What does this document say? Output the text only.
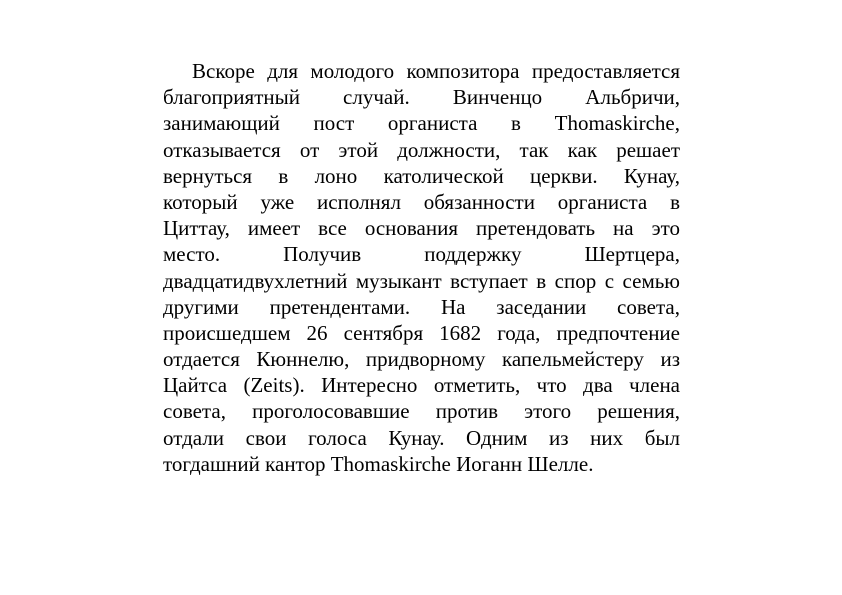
Вскоре для молодого композитора предоставляется
благоприятный случай. Винченцо Альбричи,
занимающий пост органиста в Thomaskirche,
отказывается от этой должности, так как решает
вернуться в лоно католической церкви. Кунау,
который уже исполнял обязанности органиста в
Циттау, имеет все основания претендовать на это
место. Получив поддержку Шертцера,
двадцатидвухлетний музыкант вступает в спор с семью
другими претендентами. На заседании совета,
происшедшем 26 сентября 1682 года, предпочтение
отдается Кюннелю, придворному капельмейстеру из
Цайтса (Zeits). Интересно отметить, что два члена
совета, проголосовавшие против этого решения,
отдали свои голоса Кунау. Одним из них был
тогдашний кантор Thomaskirche Иоганн Шелле.
